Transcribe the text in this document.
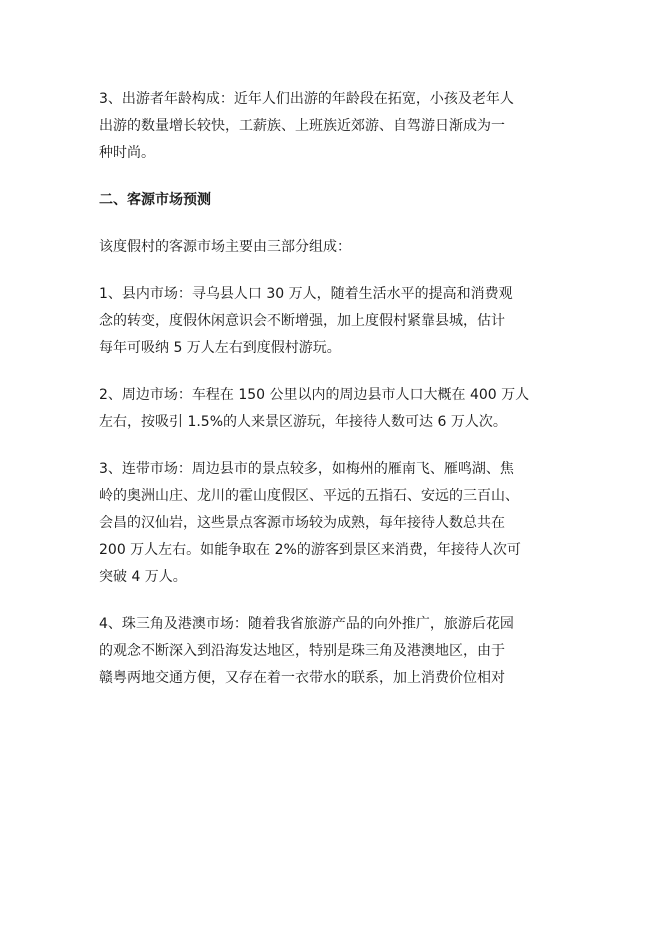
3、出游者年龄构成：近年人们出游的年龄段在拓宽，小孩及老年人
出游的数量增长较快，工薪族、上班族近郊游、自驾游日渐成为一
种时尚。
二、客源市场预测
该度假村的客源市场主要由三部分组成：
1、县内市场：寻乌县人口 30 万人，随着生活水平的提高和消费观
念的转变，度假休闲意识会不断增强，加上度假村紧靠县城，估计
每年可吸纳 5 万人左右到度假村游玩。
2、周边市场：车程在 150 公里以内的周边县市人口大概在 400 万人
左右，按吸引 1.5%的人来景区游玩，年接待人数可达 6 万人次。
3、连带市场：周边县市的景点较多，如梅州的雁南飞、雁鸣湖、焦
岭的奥洲山庄、龙川的霍山度假区、平远的五指石、安远的三百山、
会昌的汉仙岩，这些景点客源市场较为成熟，每年接待人数总共在
200 万人左右。如能争取在 2%的游客到景区来消费，年接待人次可
突破 4 万人。
4、珠三角及港澳市场：随着我省旅游产品的向外推广，旅游后花园
的观念不断深入到沿海发达地区，特别是珠三角及港澳地区，由于
赣粤两地交通方便，又存在着一衣带水的联系，加上消费价位相对
